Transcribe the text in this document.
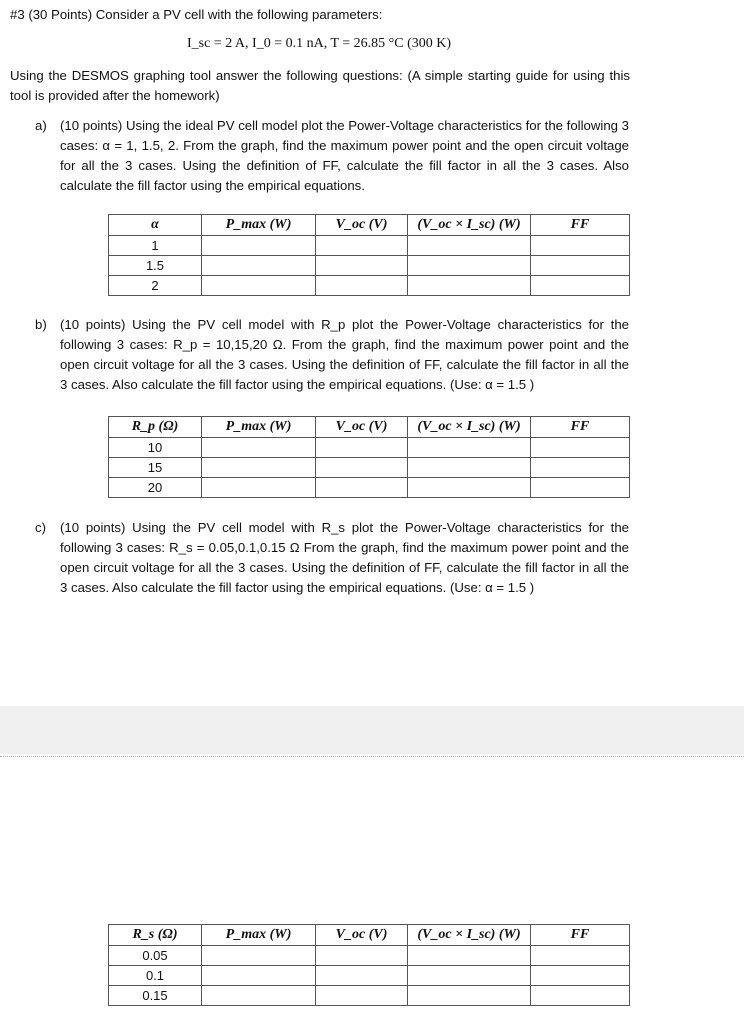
#3 (30 Points) Consider a PV cell with the following parameters:
I_sc = 2 A, I_0 = 0.1 nA, T = 26.85 °C (300 K)
Using the DESMOS graphing tool answer the following questions: (A simple starting guide for using this tool is provided after the homework)
a) (10 points) Using the ideal PV cell model plot the Power-Voltage characteristics for the following 3 cases: α = 1, 1.5, 2. From the graph, find the maximum power point and the open circuit voltage for all the 3 cases. Using the definition of FF, calculate the fill factor in all the 3 cases. Also calculate the fill factor using the empirical equations.
α	P_max (W)	V_oc (V)	(V_oc × I_sc) (W)	FF
1				
1.5				
2				
b) (10 points) Using the PV cell model with R_p plot the Power-Voltage characteristics for the following 3 cases: R_p = 10,15,20 Ω. From the graph, find the maximum power point and the open circuit voltage for all the 3 cases. Using the definition of FF, calculate the fill factor in all the 3 cases. Also calculate the fill factor using the empirical equations. (Use: α = 1.5 )
R_p (Ω)	P_max (W)	V_oc (V)	(V_oc × I_sc) (W)	FF
10				
15				
20				
c) (10 points) Using the PV cell model with R_s plot the Power-Voltage characteristics for the following 3 cases: R_s = 0.05,0.1,0.15 Ω From the graph, find the maximum power point and the open circuit voltage for all the 3 cases. Using the definition of FF, calculate the fill factor in all the 3 cases. Also calculate the fill factor using the empirical equations. (Use: α = 1.5 )
R_s (Ω)	P_max (W)	V_oc (V)	(V_oc × I_sc) (W)	FF
0.05				
0.1				
0.15				
